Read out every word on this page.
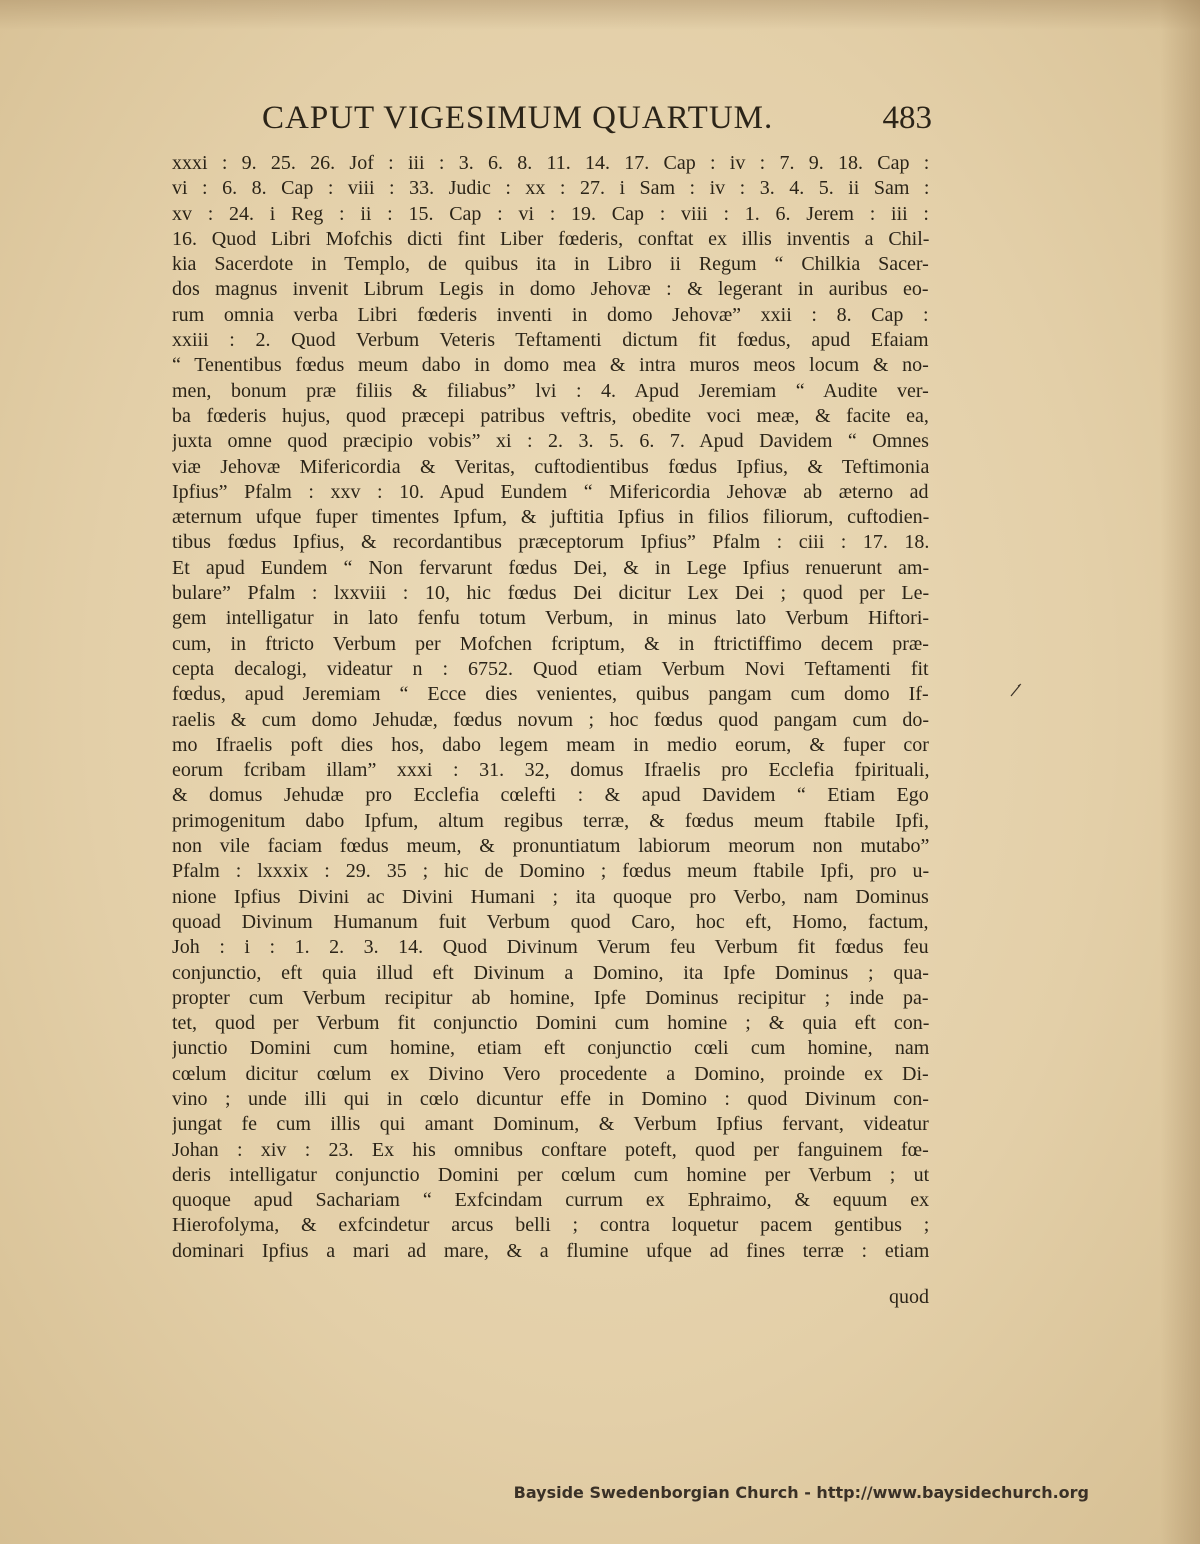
CAPUT VIGESIMUM QUARTUM.	483
xxxi : 9. 25. 26. Jof : iii : 3. 6. 8. 11. 14. 17. Cap : iv : 7. 9. 18. Cap :
vi : 6. 8. Cap : viii : 33. Judic : xx : 27. i Sam : iv : 3. 4. 5. ii Sam :
xv : 24. i Reg : ii : 15. Cap : vi : 19. Cap : viii : 1. 6. Jerem : iii :
16. Quod Libri Mofchis dicti fint Liber fœderis, conftat ex illis inventis a Chil-
kia Sacerdote in Templo, de quibus ita in Libro ii Regum “ Chilkia Sacer-
dos magnus invenit Librum Legis in domo Jehovæ : & legerant in auribus eo-
rum omnia verba Libri fœderis inventi in domo Jehovæ” xxii : 8. Cap :
xxiii : 2. Quod Verbum Veteris Teftamenti dictum fit fœdus, apud Efaiam
“ Tenentibus fœdus meum dabo in domo mea & intra muros meos locum & no-
men, bonum præ filiis & filiabus” lvi : 4. Apud Jeremiam “ Audite ver-
ba fœderis hujus, quod præcepi patribus veftris, obedite voci meæ, & facite ea,
juxta omne quod præcipio vobis” xi : 2. 3. 5. 6. 7. Apud Davidem “ Omnes
viæ Jehovæ Mifericordia & Veritas, cuftodientibus fœdus Ipfius, & Teftimonia
Ipfius” Pfalm : xxv : 10. Apud Eundem “ Mifericordia Jehovæ ab æterno ad
æternum ufque fuper timentes Ipfum, & juftitia Ipfius in filios filiorum, cuftodien-
tibus fœdus Ipfius, & recordantibus præceptorum Ipfius” Pfalm : ciii : 17. 18.
Et apud Eundem “ Non fervarunt fœdus Dei, & in Lege Ipfius renuerunt am-
bulare” Pfalm : lxxviii : 10, hic fœdus Dei dicitur Lex Dei ; quod per Le-
gem intelligatur in lato fenfu totum Verbum, in minus lato Verbum Hiftori-
cum, in ftricto Verbum per Mofchen fcriptum, & in ftrictiffimo decem præ-
cepta decalogi, videatur n : 6752. Quod etiam Verbum Novi Teftamenti fit
fœdus, apud Jeremiam “ Ecce dies venientes, quibus pangam cum domo If-
raelis & cum domo Jehudæ, fœdus novum ; hoc fœdus quod pangam cum do-
mo Ifraelis poft dies hos, dabo legem meam in medio eorum, & fuper cor
eorum fcribam illam” xxxi : 31. 32, domus Ifraelis pro Ecclefia fpirituali,
& domus Jehudæ pro Ecclefia cœlefti : & apud Davidem “ Etiam Ego
primogenitum dabo Ipfum, altum regibus terræ, & fœdus meum ftabile Ipfi,
non vile faciam fœdus meum, & pronuntiatum labiorum meorum non mutabo”
Pfalm : lxxxix : 29. 35 ; hic de Domino ; fœdus meum ftabile Ipfi, pro u-
nione Ipfius Divini ac Divini Humani ; ita quoque pro Verbo, nam Dominus
quoad Divinum Humanum fuit Verbum quod Caro, hoc eft, Homo, factum,
Joh : i : 1. 2. 3. 14. Quod Divinum Verum feu Verbum fit fœdus feu
conjunctio, eft quia illud eft Divinum a Domino, ita Ipfe Dominus ; qua-
propter cum Verbum recipitur ab homine, Ipfe Dominus recipitur ; inde pa-
tet, quod per Verbum fit conjunctio Domini cum homine ; & quia eft con-
junctio Domini cum homine, etiam eft conjunctio cœli cum homine, nam
cœlum dicitur cœlum ex Divino Vero procedente a Domino, proinde ex Di-
vino ; unde illi qui in cœlo dicuntur effe in Domino : quod Divinum con-
jungat fe cum illis qui amant Dominum, & Verbum Ipfius fervant, videatur
Johan : xiv : 23. Ex his omnibus conftare poteft, quod per fanguinem fœ-
deris intelligatur conjunctio Domini per cœlum cum homine per Verbum ; ut
quoque apud Sachariam “ Exfcindam currum ex Ephraimo, & equum ex
Hierofolyma, & exfcindetur arcus belli ; contra loquetur pacem gentibus ;
dominari Ipfius a mari ad mare, & a flumine ufque ad fines terræ : etiam
quod
Bayside Swedenborgian Church - http://www.baysidechurch.org
